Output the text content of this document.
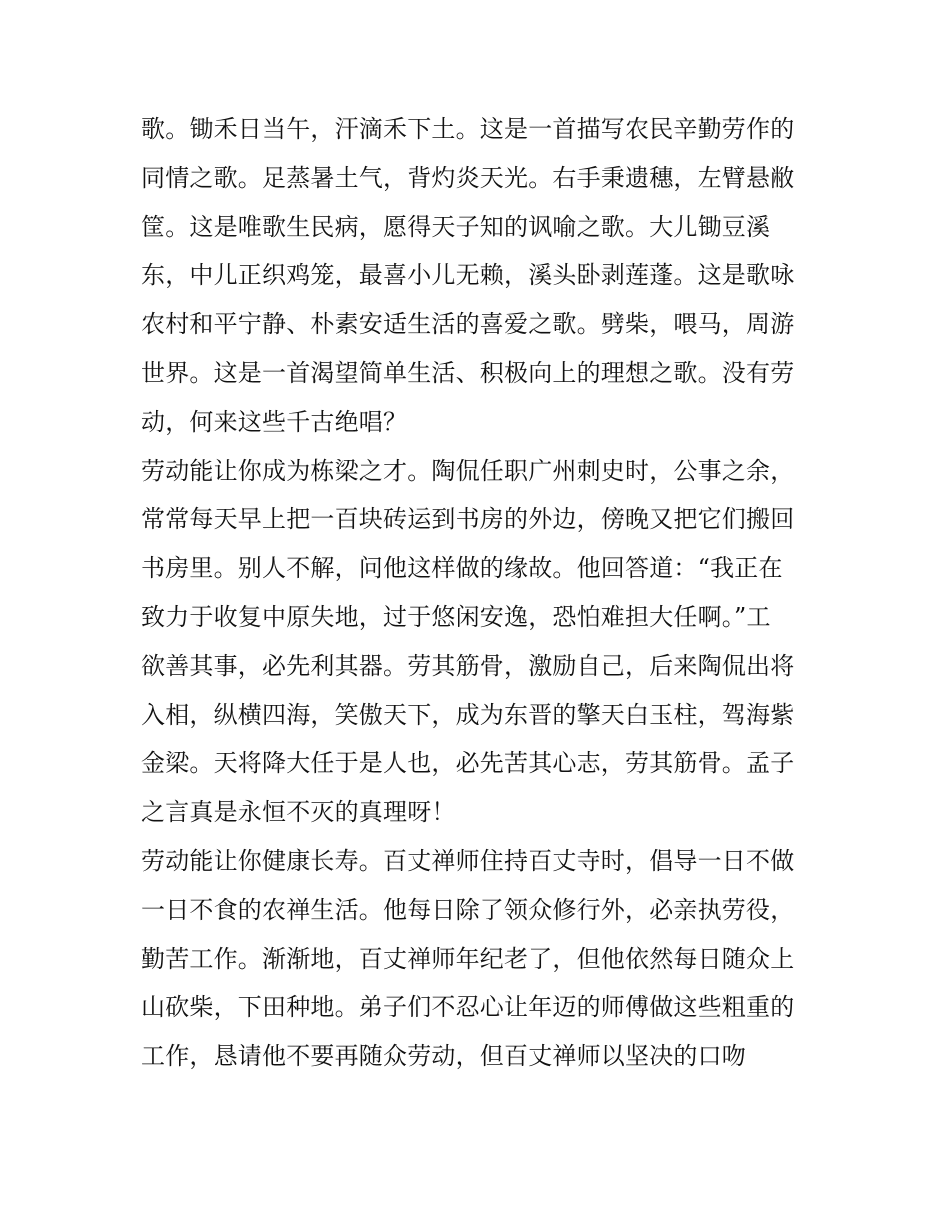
歌。锄禾日当午，汗滴禾下土。这是一首描写农民辛勤劳作的
同情之歌。足蒸暑土气，背灼炎天光。右手秉遗穗，左臂悬敝
筐。这是唯歌生民病，愿得天子知的讽喻之歌。大儿锄豆溪
东，中儿正织鸡笼，最喜小儿无赖，溪头卧剥莲蓬。这是歌咏
农村和平宁静、朴素安适生活的喜爱之歌。劈柴，喂马，周游
世界。这是一首渴望简单生活、积极向上的理想之歌。没有劳
动，何来这些千古绝唱？
劳动能让你成为栋梁之才。陶侃任职广州刺史时，公事之余，
常常每天早上把一百块砖运到书房的外边，傍晚又把它们搬回
书房里。别人不解，问他这样做的缘故。他回答道：“我正在
致力于收复中原失地，过于悠闲安逸，恐怕难担大任啊。”工
欲善其事，必先利其器。劳其筋骨，激励自己，后来陶侃出将
入相，纵横四海，笑傲天下，成为东晋的擎天白玉柱，驾海紫
金梁。天将降大任于是人也，必先苦其心志，劳其筋骨。孟子
之言真是永恒不灭的真理呀！
劳动能让你健康长寿。百丈禅师住持百丈寺时，倡导一日不做
一日不食的农禅生活。他每日除了领众修行外，必亲执劳役，
勤苦工作。渐渐地，百丈禅师年纪老了，但他依然每日随众上
山砍柴，下田种地。弟子们不忍心让年迈的师傅做这些粗重的
工作，恳请他不要再随众劳动，但百丈禅师以坚决的口吻
